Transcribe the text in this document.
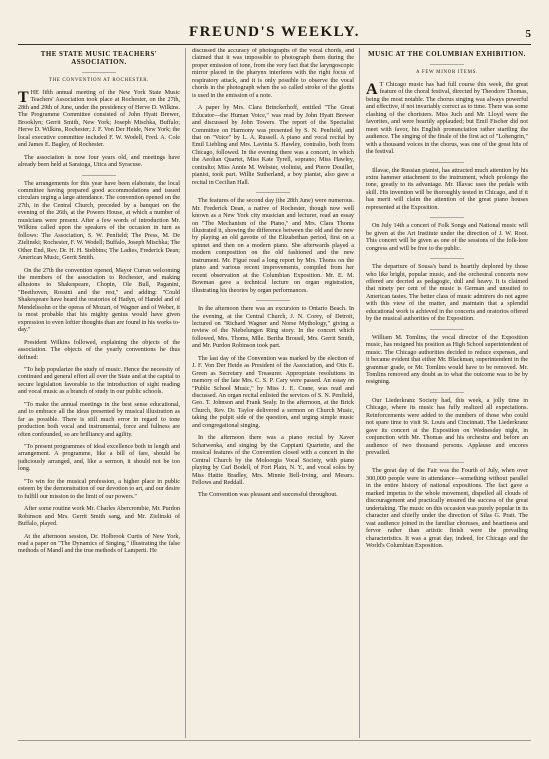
FREUND'S WEEKLY.	5
THE STATE MUSIC TEACHERS' ASSOCIATION.
THE CONVENTION AT ROCHESTER.

THE fifth annual meeting of the New York State Music Teachers' Association took place at Rochester, on the 27th, 28th and 29th of June, under the presidency of Herve D. Wilkins. The Programme Committee consisted of John Hyatt Brewer, Brooklyn; Gerrit Smith, New York; Joseph Mischka, Buffalo; Herve D. Wilkins, Rochester; J. F. Von Der Heide, New York; the local executive committee included F. W. Wodell, Fred. A. Cole and James E. Bagley, of Rochester.

The association is now four years old, and meetings have already been held at Saratoga, Utica and Syracuse.

The arrangements for this year have been elaborate, the local committee having prepared good accommodations and issued circulars urging a large attendance. The convention opened on the 27th, in the Central Church, preceded by a banquet on the evening of the 26th, at the Powers House, at which a number of musicians were present. After a few words of introduction Mr. Wilkins called upon the speakers of the occasion in turn as follows: The Association, S. W. Penfield; The Press, M. De Zielinski; Rochester, F. W. Wodell; Buffalo, Joseph Mischka; The Other End, Rev. Dr. H. H. Stebbins; The Ladies, Frederick Dean; American Music, Gerrit Smith.

On the 27th the convention opened, Mayor Curran welcoming the members of the association to Rochester, and making allusions to Shakespeare, Chopin, Ole Bull, Paganini, "Beethoven, Rossini and the rest," and adding: "Could Shakespeare have heard the oratorios of Hadyn, of Handel and of Mendelssohn or the operas of Mozart, of Wagner and of Weber, it is most probable that his mighty genius would have given expression to even loftier thoughts than are found in his works to-day."

President Wilkins followed, explaining the objects of the association. The objects of the yearly conventions he thus defined:

"To help popularize the study of music. Hence the necessity of continued and general effort all over the State and at the capital to secure legislation favorable to the introduction of sight reading and vocal music as a branch of study in our public schools.

"To make the annual meetings in the best sense educational, and to embrace all the ideas presented by musical illustration as far as possible. There is still much error in regard to tone production both vocal and instrumental, force and fullness are often confounded, so are brilliancy and agility.

"To present programmes of ideal excellence both in length and arrangement. A programme, like a bill of fare, should be judiciously arranged, and, like a sermon, it should not be too long.

"To win for the musical profession, a higher place in public esteem by the demonstration of our devotion to art, and our desire to fulfill our mission to the limit of our powers."

After some routine work Mr. Charles Abercrombie, Mr. Purdon Robinson and Mrs. Gerrit Smith sang, and Mr. Zielinski of Buffalo, played.

At the afternoon session, Dr. Holbrook Curtis of New York, read a paper on "The Dynamics of Singing," illustrating the false methods of Mandl and the true methods of Lamperti. He

discussed the accuracy of photographs of the vocal chords, and claimed that it was impossible to photograph them during the proper emission of tone, from the very fact that the laryngoscopic mirror placed in the pharynx interferes with the right focus of respiratory attack, and it is only possible to observe the vocal chords in the photograph when the so called stroke of the glottis is used in the emission of a note.

A paper by Mrs. Clara Brinckerhoff, entitled "The Great Educator—the Human Voice," was read by John Hyatt Brewer and discussed by John Towers. The report of the Specialist Committee on Harmony was presented by S. N. Penfield, and that on "Voice" by L. A. Russell. A piano and vocal recital by Emil Liebling and Mrs. Lavinia S. Hawley, contralto, both from Chicago, followed. In the evening there was a concert, in which the Aeolian Quartet, Miss Kate Tyrell, soprano; Miss Hawley, contralto; Miss Annie M. Webster, violinist, and Pierre Douillet, pianist, took part. Willie Sutherland, a boy pianist, also gave a recital in Cecilian Hall.

The features of the second day (the 28th June) were numerous. Mr. Frederick Dean, a native of Rochester, though now well known as a New York city musician and lecturer, read an essay on "The Mechanism of the Piano," and Mrs. Clara Thoms illustrated it, showing the difference between the old and the new by playing an old gavotte of the Elizabethan period, first on a spinnet and then on a modern piano. She afterwards played a modern composition on the old fashioned and the new instrument. Mr. Figué read a long report by Mrs. Thoms on the piano and various recent improvements, compiled from her recent observation at the Columbian Exposition. Mr. E. M. Bowman gave a technical lecture on organ registration, illustrating his theories by organ performances.

In the afternoon there was an excursion to Ontario Beach. In the evening, at the Central Church, J. N. Corey, of Detroit, lectured on "Richard Wagner and Norse Mythology," giving a review of the Niebelungen Ring story. In the concert which followed, Mrs. Thoms, Mlle. Bertha Brousil, Mrs. Gerrit Smith, and Mr. Purdon Robinson took part.

The last day of the Convention was marked by the election of J. F. Von Der Heide as President of the Association, and Otis E. Green as Secretary and Treasurer. Appropriate resolutions in memory of the late Mrs. C. S. P. Cary were passed. An essay on "Public School Music," by Miss J. E. Crane, was read and discussed. An organ recital enlisted the services of S. N. Penfield, Geo. T. Johnson and Frank Sealy. In the afternoon, at the Brick Church, Rev. Dr. Taylor delivered a sermon on Church Music, taking the pulpit side of the question, and urging simple music and congregational singing.

In the afternoon there was a piano recital by Xaver Scharwenka, and singing by the Cappiani Quartette, and the musical features of the Convention closed with a concert in the Central Church by the Moloorgia Vocal Society, with piano playing by Carl Bodell, of Fort Plain, N. Y., and vocal solos by Miss Hattie Bradley, Mrs. Minnie Bell-Irving, and Messrs. Fellows and Reddall.

The Convention was pleasant and successful throughout.

MUSIC AT THE COLUMBIAN EXHIBITION.
A FEW MINOR ITEMS.

A T Chicago music has had full course this week, the great feature of the choral festival, directed by Theodore Thomas, being the most notable. The chorus singing was always powerful and effective, if not invariably correct as to time. There was some clashing of the choristers. Miss Juch and Mr. Lloyd were the favorites, and were heartily applauded; but Emil Fischer did not meet with favor, his English pronunciation rather startling the audience. The singing of the finale of the first act of "Lohengrin," with a thousand voices in the chorus, was one of the great hits of the festival.

Illavac, the Russian pianist, has attracted much attention by his extra hammer attachment to the instrument, which prolongs the tone, greatly to its advantage. Mr. Illavac uses the pedals with skill. His invention will be thoroughly tested in Chicago, and if it has merit will claim the attention of the great piano houses represented at the Exposition.

On July 14th a concert of Folk Songs and National music will be given at the Art Institute under the direction of J. W. Root. This concert will be given as one of the sessions of the folk-lore congress and will be free to the public.

The departure of Sousa's band is heartily deplored by those who like bright, popular music, and the orchestral concerts now offered are decried as pedagogic, dull and heavy. It is claimed that ninety per cent of the music is German and unsuited to American tastes. The better class of music admirers do not agree with this view of the matter, and maintain that a splendid educational work is achieved in the concerts and oratorios offered by the musical authorities of the Exposition.

William M. Tomlins, the vocal director of the Exposition music, has resigned his position as High School superintendent of music. The Chicago authorities decided to reduce expenses, and it became evident that either Mr. Blackman, superintendent in the grammar grade, or Mr. Tomlins would have to be removed. Mr. Tomlins removed any doubt as to what the outcome was to be by resigning.

Our Liederkranz Society had, this week, a jolly time in Chicago, where its music has fully realized all expectations. Reinforcements were added to the numbers of those who could not spare time to visit St. Louis and Cincinnati. The Liederkranz gave its concert at the Exposition on Wednesday night, in conjunction with Mr. Thomas and his orchestra and before an audience of two thousand persons. Applause and encores prevailed.

The great day of the Fair was the Fourth of July, when over 300,000 people were in attendance—something without parallel in the entire history of national expositions. The fact gave a marked impetus to the whole movement, dispelled all clouds of discouragement and practically ensured the success of the great undertaking. The music on this occasion was purely popular in its character and chiefly under the direction of Silas G. Pratt. The vast audience joined in the familiar choruses, and heartiness and fervor rather than artistic finish were the prevailing characteristics. It was a great day, indeed, for Chicago and the World's Columbian Exposition.
